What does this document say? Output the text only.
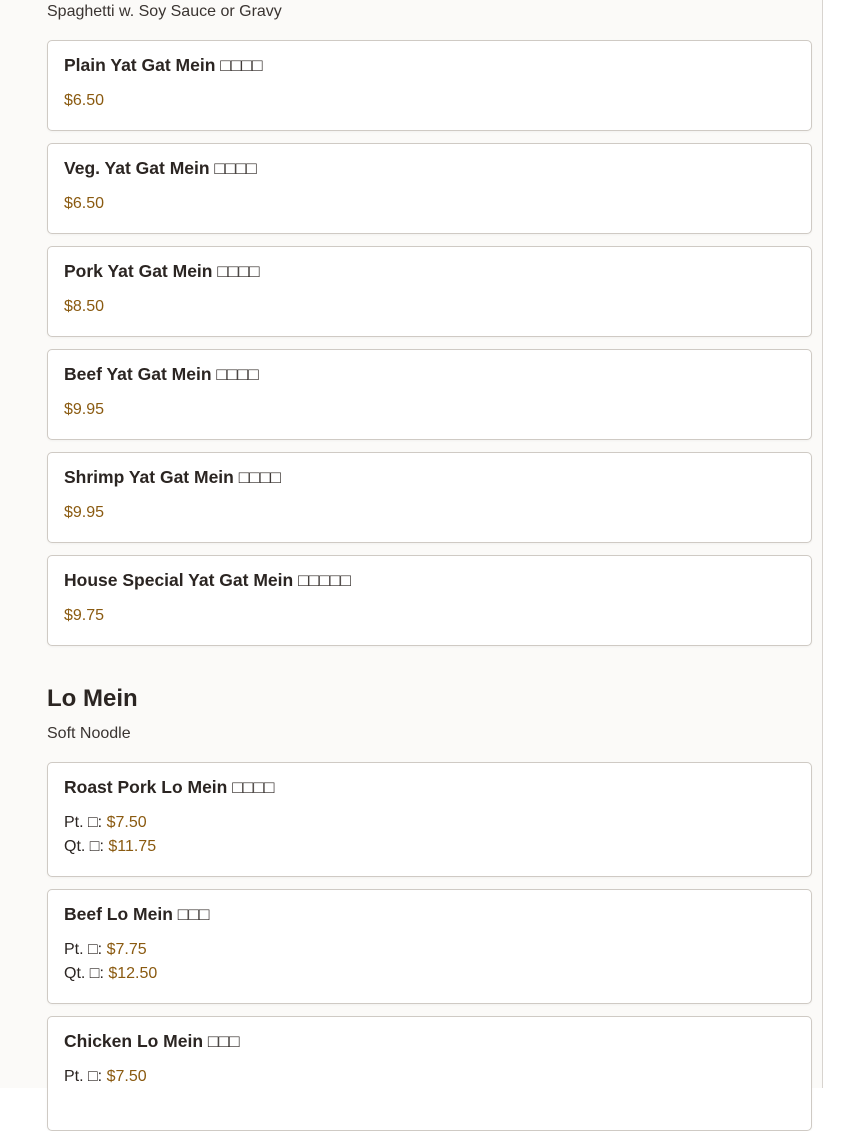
Spaghetti w. Soy Sauce or Gravy

Plain Yat Gat Mein □□□□
$6.50
Veg. Yat Gat Mein □□□□
$6.50
Pork Yat Gat Mein □□□□
$8.50
Beef Yat Gat Mein □□□□
$9.95
Shrimp Yat Gat Mein □□□□
$9.95
House Special Yat Gat Mein □□□□□
$9.75
Lo Mein

Soft Noodle

Roast Pork Lo Mein □□□□
Pt. □: $7.50
Qt. □: $11.75
Beef Lo Mein □□□
Pt. □: $7.75
Qt. □: $12.50
Chicken Lo Mein □□□
Pt. □: $7.50
